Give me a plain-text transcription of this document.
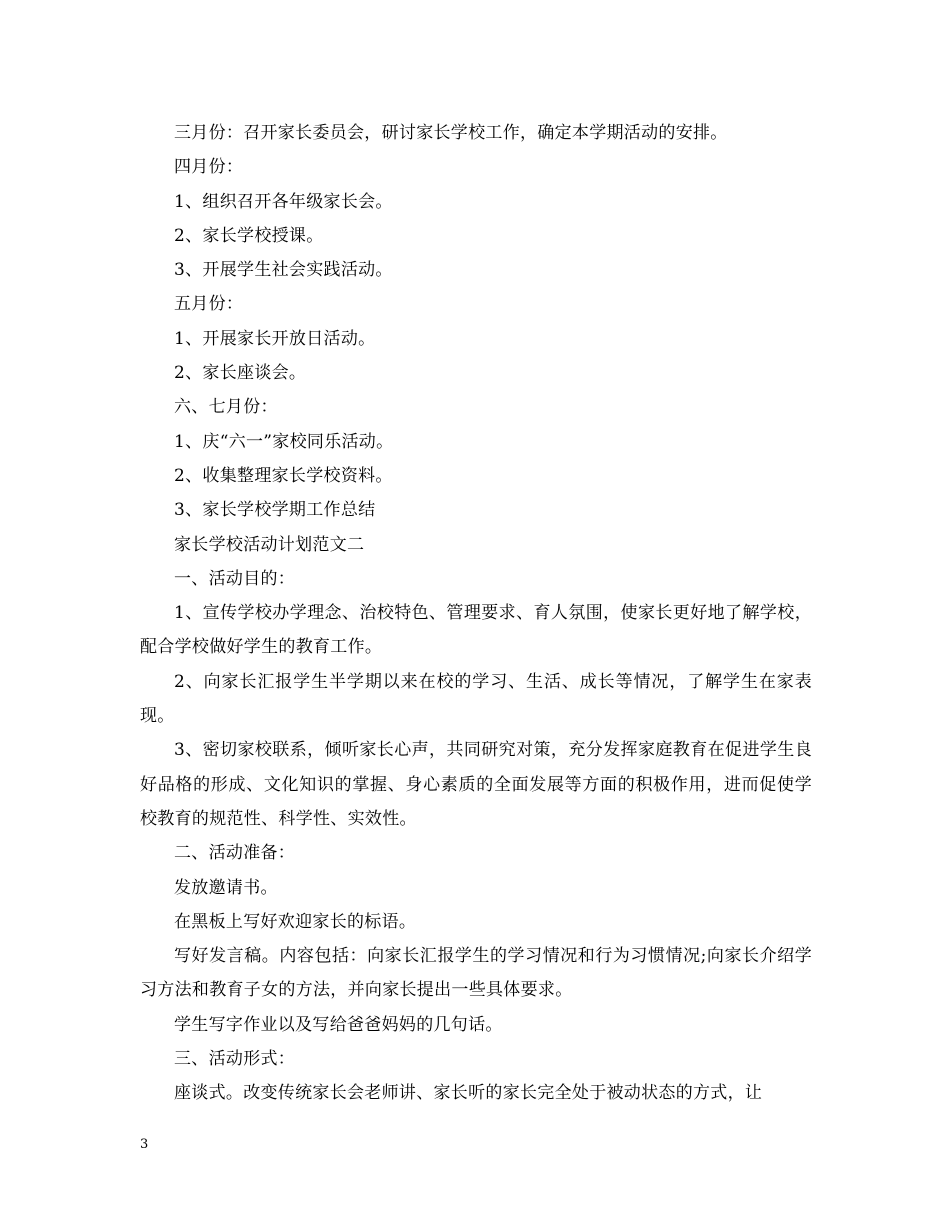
三月份：召开家长委员会，研讨家长学校工作，确定本学期活动的安排。

四月份：

1、组织召开各年级家长会。

2、家长学校授课。

3、开展学生社会实践活动。

五月份：

1、开展家长开放日活动。

2、家长座谈会。

六、七月份：

1、庆“六一”家校同乐活动。

2、收集整理家长学校资料。

3、家长学校学期工作总结

家长学校活动计划范文二

一、活动目的：

1、宣传学校办学理念、治校特色、管理要求、育人氛围，使家长更好地了解学校，配合学校做好学生的教育工作。

2、向家长汇报学生半学期以来在校的学习、生活、成长等情况，了解学生在家表现。

3、密切家校联系，倾听家长心声，共同研究对策，充分发挥家庭教育在促进学生良好品格的形成、文化知识的掌握、身心素质的全面发展等方面的积极作用，进而促使学校教育的规范性、科学性、实效性。

二、活动准备：

发放邀请书。

在黑板上写好欢迎家长的标语。

写好发言稿。内容包括：向家长汇报学生的学习情况和行为习惯情况;向家长介绍学习方法和教育子女的方法，并向家长提出一些具体要求。

学生写字作业以及写给爸爸妈妈的几句话。

三、活动形式：

座谈式。改变传统家长会老师讲、家长听的家长完全处于被动状态的方式，让

3
